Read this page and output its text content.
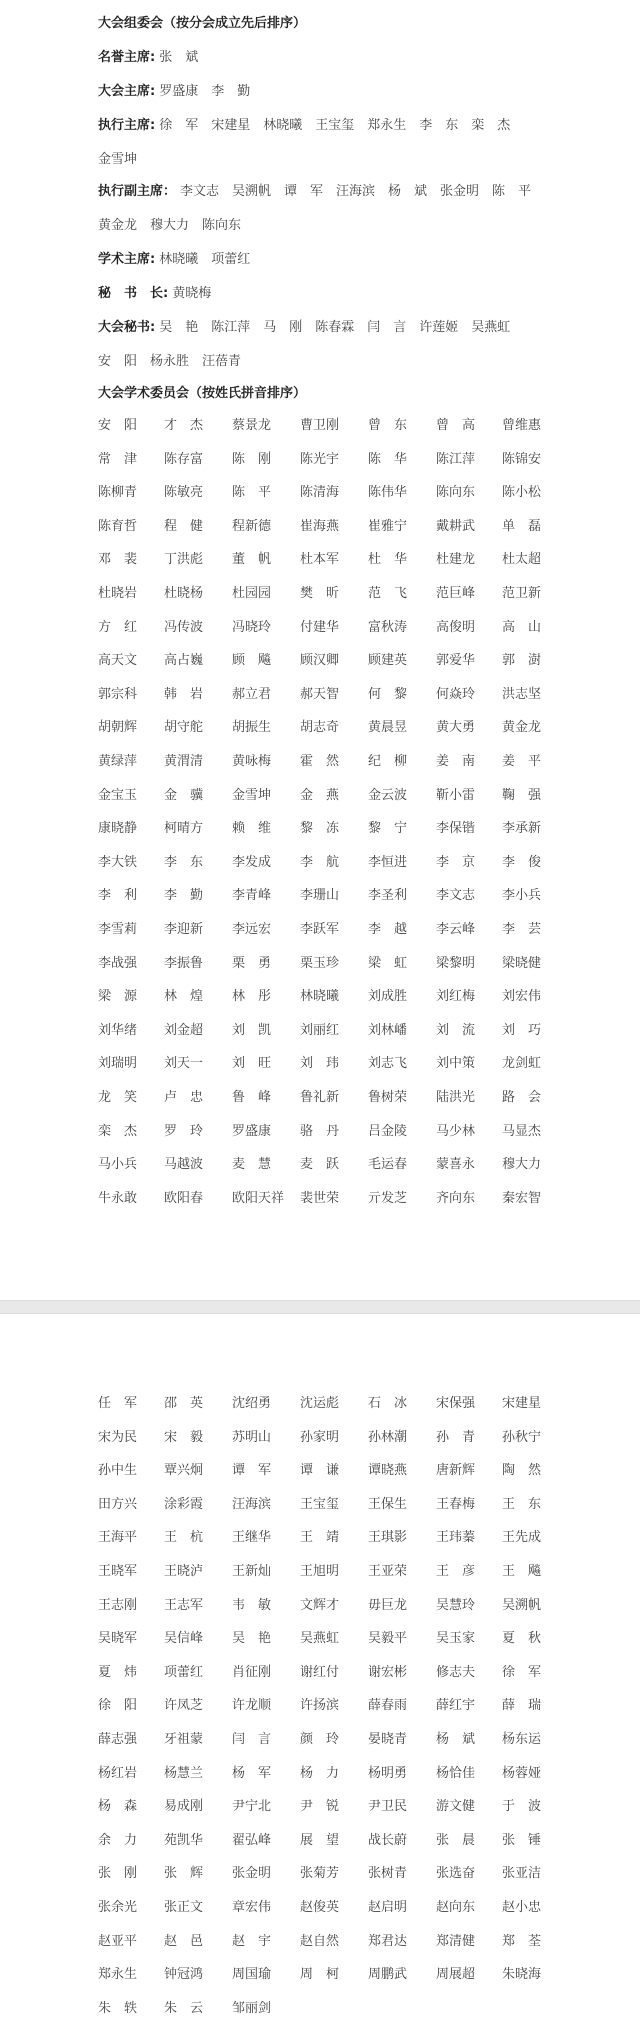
大会组委会（按分会成立先后排序）
名誉主席: 张　斌
大会主席: 罗盛康　李　勤
执行主席: 徐　军　宋建星　林晓曦　王宝玺　郑永生　李　东　栾　杰
金雪坤
执行副主席： 李文志　吴溯帆　谭　军　汪海滨　杨　斌　张金明　陈　平
黄金龙　穆大力　陈向东
学术主席: 林晓曦　项蕾红
秘　书　长: 黄晓梅
大会秘书: 吴　艳　陈江萍　马　刚　陈春霖　闫　言　许莲姬　吴燕虹
安　阳　杨永胜　汪蓓青
大会学术委员会（按姓氏拼音排序）
安　阳 才　杰 蔡景龙 曹卫刚 曾　东 曾　高 曾维惠
常　津 陈存富 陈　刚 陈光宇 陈　华 陈江萍 陈锦安
陈柳青 陈敏亮 陈　平 陈清海 陈伟华 陈向东 陈小松
陈育哲 程　健 程新德 崔海燕 崔雅宁 戴耕武 单　磊
邓　裴 丁洪彪 董　帆 杜本军 杜　华 杜建龙 杜太超
杜晓岩 杜晓杨 杜园园 樊　昕 范　飞 范巨峰 范卫新
方　红 冯传波 冯晓玲 付建华 富秋涛 高俊明 高　山
高天文 高占巍 顾　飚 顾汉卿 顾建英 郭爱华 郭　澍
郭宗科 韩　岩 郝立君 郝天智 何　黎 何焱玲 洪志坚
胡朝辉 胡守舵 胡振生 胡志奇 黄晨昱 黄大勇 黄金龙
黄绿萍 黄渭清 黄咏梅 霍　然 纪　柳 姜　南 姜　平
金宝玉 金　骥 金雪坤 金　燕 金云波 靳小雷 鞠　强
康晓静 柯晴方 赖　维 黎　冻 黎　宁 李保锴 李承新
李大铁 李　东 李发成 李　航 李恒进 李　京 李　俊
李　利 李　勤 李青峰 李珊山 李圣利 李文志 李小兵
李雪莉 李迎新 李远宏 李跃军 李　越 李云峰 李　芸
李战强 李振鲁 栗　勇 栗玉珍 梁　虹 梁黎明 梁晓健
梁　源 林　煌 林　彤 林晓曦 刘成胜 刘红梅 刘宏伟
刘华绪 刘金超 刘　凯 刘丽红 刘林嶓 刘　流 刘　巧
刘瑞明 刘天一 刘　旺 刘　玮 刘志飞 刘中策 龙剑虹
龙　笑 卢　忠 鲁　峰 鲁礼新 鲁树荣 陆洪光 路　会
栾　杰 罗　玲 罗盛康 骆　丹 吕金陵 马少林 马显杰
马小兵 马越波 麦　慧 麦　跃 毛运春 蒙喜永 穆大力
牛永敢 欧阳春 欧阳天祥 裴世荣 亓发芝 齐向东 秦宏智
任　军 邵　英 沈绍勇 沈运彪 石　冰 宋保强 宋建星
宋为民 宋　毅 苏明山 孙家明 孙林潮 孙　青 孙秋宁
孙中生 覃兴炯 谭　军 谭　谦 谭晓燕 唐新辉 陶　然
田方兴 涂彩霞 汪海滨 王宝玺 王保生 王春梅 王　东
王海平 王　杭 王继华 王　靖 王琪影 王玮蓁 王先成
王晓军 王晓泸 王新灿 王旭明 王亚荣 王　彦 王　飚
王志刚 王志军 韦　敏 文辉才 毋巨龙 吴慧玲 吴溯帆
吴晓军 吴信峰 吴　艳 吴燕虹 吴毅平 吴玉家 夏　秋
夏　炜 项蕾红 肖征刚 谢红付 谢宏彬 修志夫 徐　军
徐　阳 许凤芝 许龙顺 许扬滨 薛春雨 薛红宇 薛　瑞
薛志强 牙祖蒙 闫　言 颜　玲 晏晓青 杨　斌 杨东运
杨红岩 杨慧兰 杨　军 杨　力 杨明勇 杨恰佳 杨蓉娅
杨　森 易成刚 尹宁北 尹　锐 尹卫民 游文健 于　波
余　力 苑凯华 翟弘峰 展　望 战长蔚 张　晨 张　锤
张　刚 张　辉 张金明 张菊芳 张树青 张选奋 张亚洁
张余光 张正文 章宏伟 赵俊英 赵启明 赵向东 赵小忠
赵亚平 赵　邑 赵　宇 赵自然 郑君达 郑清健 郑　荃
郑永生 钟冠鸿 周国瑜 周　柯 周鹏武 周展超 朱晓海
朱　轶 朱　云 邹丽剑
